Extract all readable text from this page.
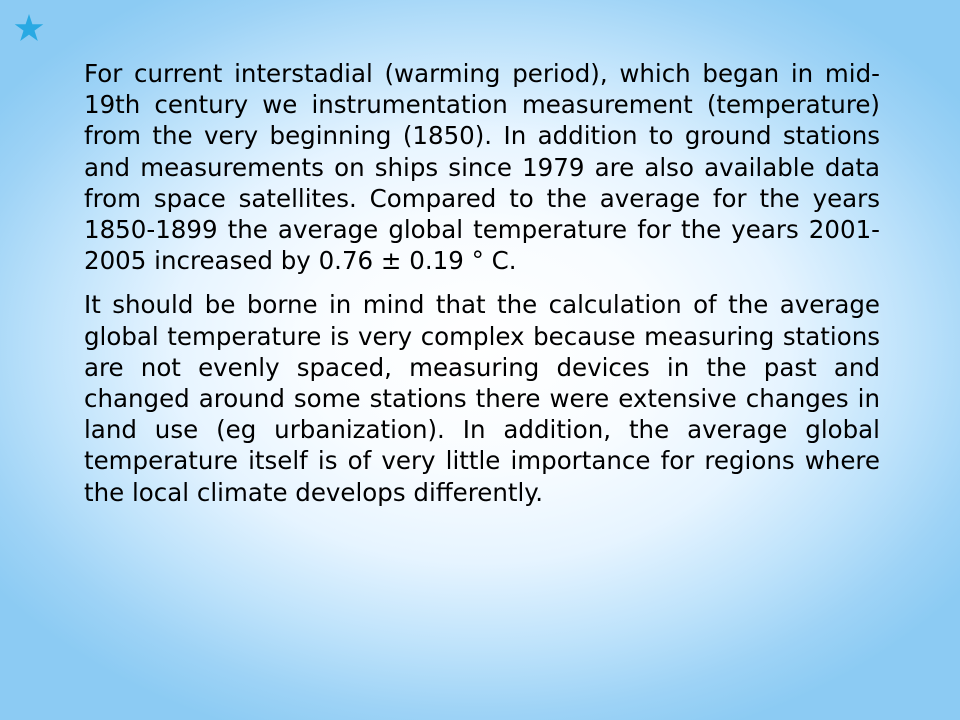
For current interstadial (warming period), which began in mid-19th century we instrumentation measurement (temperature) from the very beginning (1850). In addition to ground stations and measurements on ships since 1979 are also available data from space satellites. Compared to the average for the years 1850-1899 the average global temperature for the years 2001-2005 increased by 0.76 ± 0.19 ° C.

It should be borne in mind that the calculation of the average global temperature is very complex because measuring stations are not evenly spaced, measuring devices in the past and changed around some stations there were extensive changes in land use (eg urbanization). In addition, the average global temperature itself is of very little importance for regions where the local climate develops differently.
